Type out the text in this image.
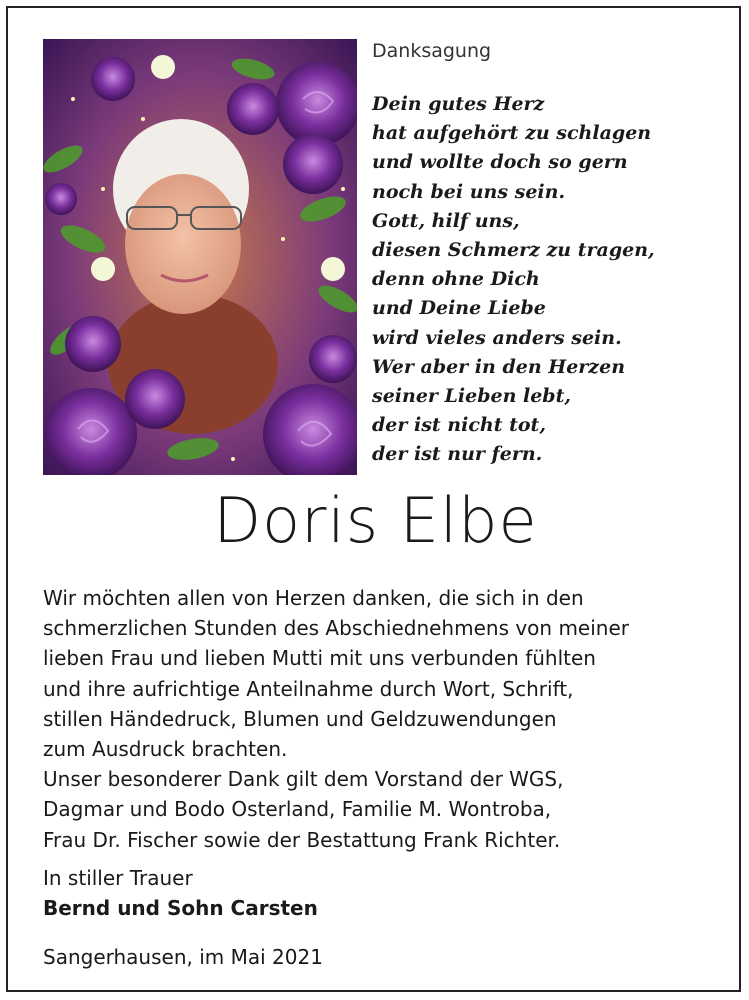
Danksagung
Dein gutes Herz
hat aufgehört zu schlagen
und wollte doch so gern
noch bei uns sein.
Gott, hilf uns,
diesen Schmerz zu tragen,
denn ohne Dich
und Deine Liebe
wird vieles anders sein.
Wer aber in den Herzen
seiner Lieben lebt,
der ist nicht tot,
der ist nur fern.
Doris Elbe
Wir möchten allen von Herzen danken, die sich in den
schmerzlichen Stunden des Abschiednehmens von meiner
lieben Frau und lieben Mutti mit uns verbunden fühlten
und ihre aufrichtige Anteilnahme durch Wort, Schrift,
stillen Händedruck, Blumen und Geldzuwendungen
zum Ausdruck brachten.
Unser besonderer Dank gilt dem Vorstand der WGS,
Dagmar und Bodo Osterland, Familie M. Wontroba,
Frau Dr. Fischer sowie der Bestattung Frank Richter.
In stiller Trauer
Bernd und Sohn Carsten
Sangerhausen, im Mai 2021
